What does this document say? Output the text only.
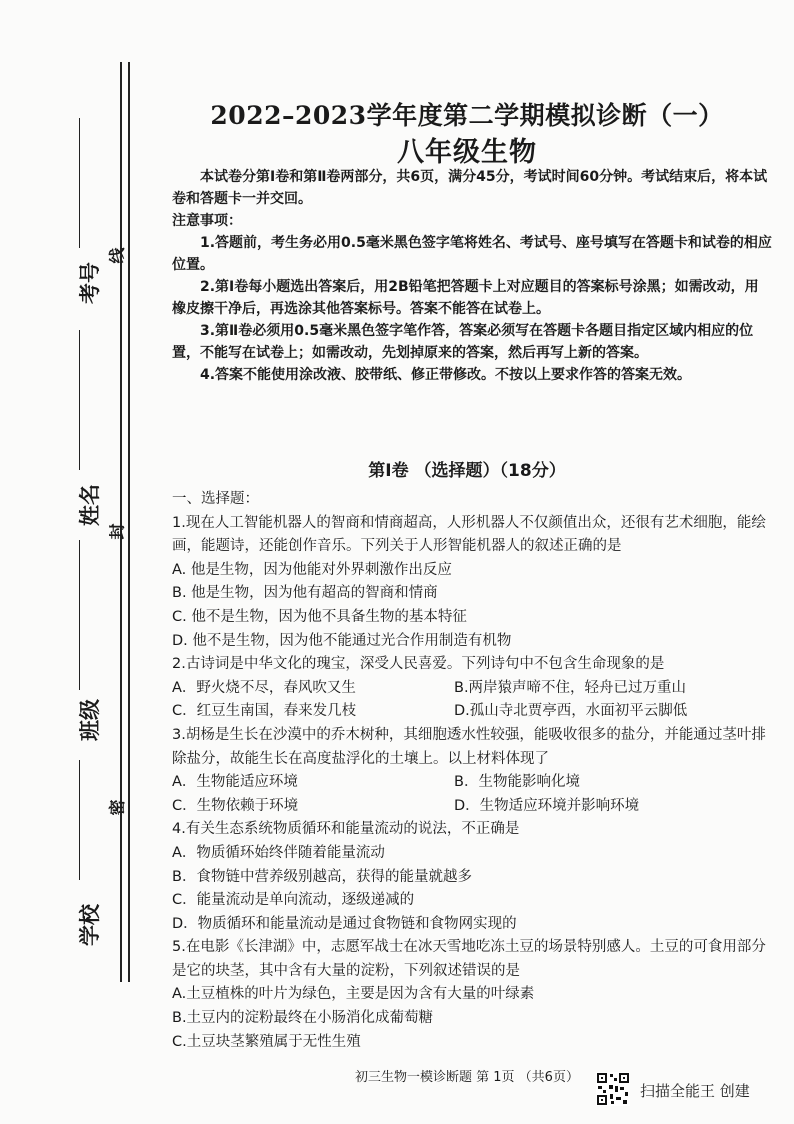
考号
线
姓名
封
班级
密
学校
2022–2023学年度第二学期模拟诊断（一）
八年级生物

本试卷分第Ⅰ卷和第Ⅱ卷两部分，共6页，满分45分，考试时间60分钟。考试结束后，将本试卷和答题卡一并交回。

注意事项：

1.答题前，考生务必用0.5毫米黑色签字笔将姓名、考试号、座号填写在答题卡和试卷的相应位置。

2.第Ⅰ卷每小题选出答案后，用2B铅笔把答题卡上对应题目的答案标号涂黑；如需改动，用橡皮擦干净后，再选涂其他答案标号。答案不能答在试卷上。

3.第Ⅱ卷必须用0.5毫米黑色签字笔作答，答案必须写在答题卡各题目指定区域内相应的位置，不能写在试卷上；如需改动，先划掉原来的答案，然后再写上新的答案。

4.答案不能使用涂改液、胶带纸、修正带修改。不按以上要求作答的答案无效。

第Ⅰ卷 （选择题）（18分）

一、选择题：

1.现在人工智能机器人的智商和情商超高，人形机器人不仅颜值出众，还很有艺术细胞，能绘画，能题诗，还能创作音乐。下列关于人形智能机器人的叙述正确的是

A. 他是生物，因为他能对外界刺激作出反应

B. 他是生物，因为他有超高的智商和情商

C. 他不是生物，因为他不具备生物的基本特征

D. 他不是生物，因为他不能通过光合作用制造有机物

2.古诗词是中华文化的瑰宝，深受人民喜爱。下列诗句中不包含生命现象的是

A．野火烧不尽，春风吹又生	B.两岸猿声啼不住，轻舟已过万重山
C．红豆生南国，春来发几枝	D.孤山寺北贾亭西，水面初平云脚低

3.胡杨是生长在沙漠中的乔木树种，其细胞透水性较强，能吸收很多的盐分，并能通过茎叶排除盐分，故能生长在高度盐浮化的土壤上。以上材料体现了

A．生物能适应环境	B．生物能影响化境
C．生物依赖于环境	D．生物适应环境并影响环境

4.有关生态系统物质循环和能量流动的说法，不正确是

A．物质循环始终伴随着能量流动

B．食物链中营养级别越高，获得的能量就越多

C．能量流动是单向流动，逐级递减的

D．物质循环和能量流动是通过食物链和食物网实现的

5.在电影《长津湖》中，志愿军战士在冰天雪地吃冻土豆的场景特别感人。土豆的可食用部分是它的块茎，其中含有大量的淀粉，下列叙述错误的是

A.土豆植株的叶片为绿色，主要是因为含有大量的叶绿素

B.土豆内的淀粉最终在小肠消化成葡萄糖

C.土豆块茎繁殖属于无性生殖

初三生物一模诊断题 第 1页 （共6页）
扫描全能王 创建
